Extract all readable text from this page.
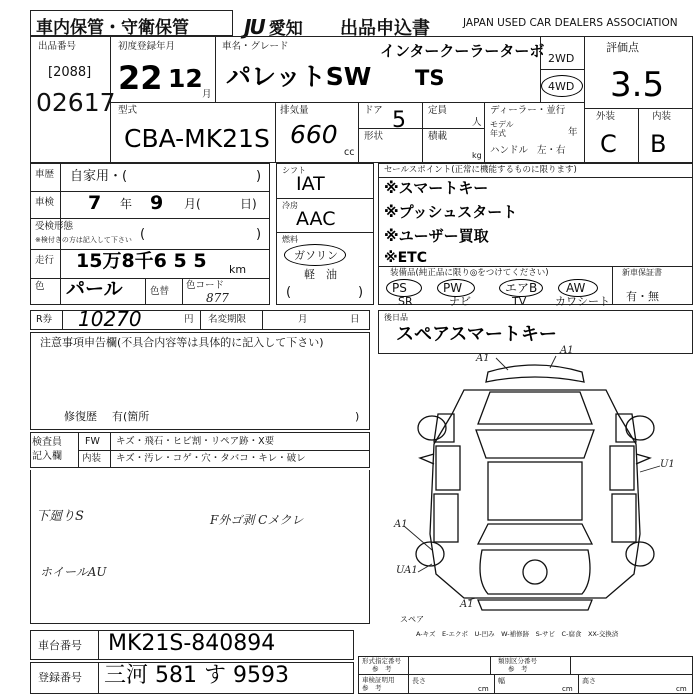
車内保管・守衛保管	JU 愛知 出品申込書	JAPAN USED CAR DEALERS ASSOCIATION
出品番号
[2088]
02617
初度登録年月
22 12
月
車名・グレード
パレットSW
インタークーラーターボ
TS
2WD
4WD
評価点
3.5
外装	内装
C B
型式
CBA-MK21S
排気量
660
cc
ドア 5
形状
定員
人
積載
kg
ディーラー・並行
モデル
年式	年
ハンドル 左・右
車歴 自家用・(	)
車検 7 年 9 月(	日)
受検形態
※検付きの方は記入して下さい (	)
走行 15万8千6 5 5 km
色 パール	色替
色コード
877
シフト
IAT
冷房
AAC
燃料
ガソリン
軽　油
(	)
セールスポイント(正常に機能するものに限ります)
※スマートキー
※プッシュスタート
※ユーザー買取
※ETC
装備品(純正品に限り◎をつけてください)
PS	PW	エアB AW
SR	ナビ	TV	カワシート
新車保証書
有・無
R券 10270	円 名変期限	月	日	後日品
スペアスマートキー
注意事項申告欄(不具合内容等は具体的に記入して下さい)
修復歴 有(箇所	)
検査員
記入欄
FW キズ・飛石・ヒビ割・リペア跡・X要
内装 キズ・汚レ・コゲ・穴・タバコ・キレ・破レ
下廻りS	F外ゴ剥 Cメクレ
ホイールAU
A1
A1
U1
A1
UA1
A1
スペア
A-キズ　E-エクボ　U-凹み　W-補修跡　S-サビ　C-腐食　XX-交換済
車台番号 MK21S-840894
登録番号 三河 581 す 9593
形式指定番号
参　考
類別区分番号
参　考
車検証明用
参　考
長さ
cm
幅
cm
高さ
cm
